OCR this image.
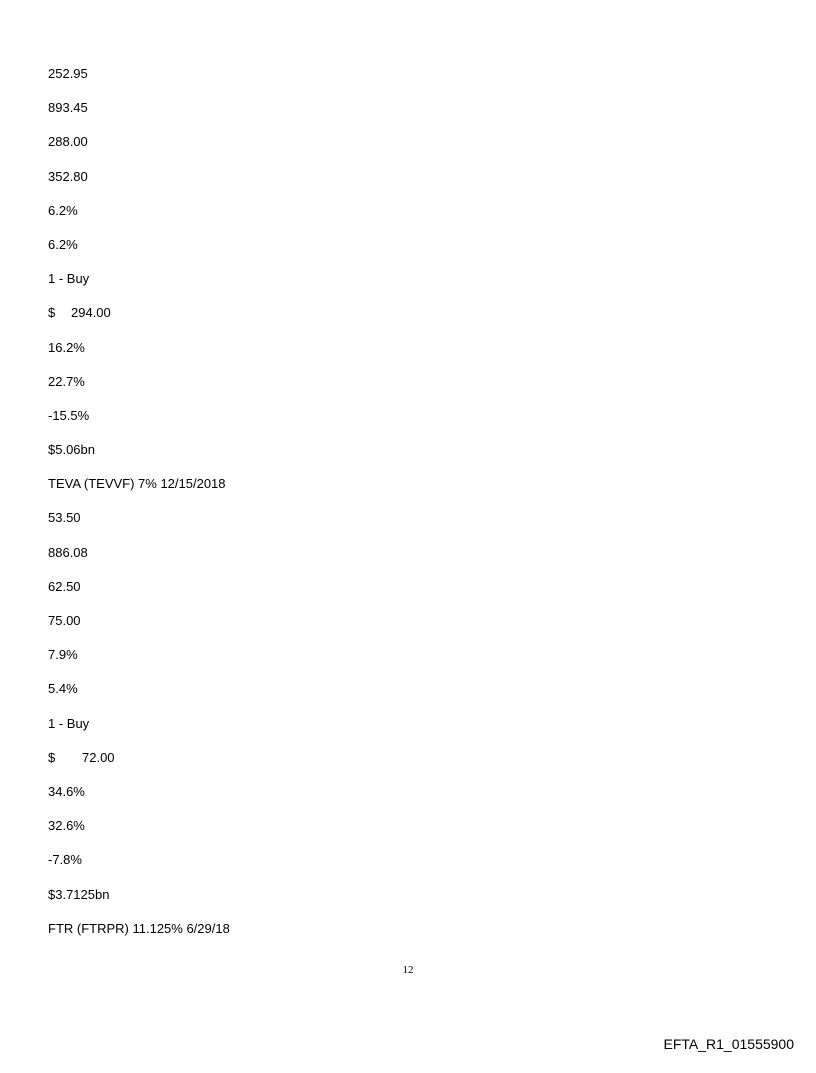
252.95
893.45
288.00
352.80
6.2%
6.2%
1 - Buy
$ 294.00
16.2%
22.7%
-15.5%
$5.06bn
TEVA (TEVVF) 7% 12/15/2018
53.50
886.08
62.50
75.00
7.9%
5.4%
1 - Buy
$ 72.00
34.6%
32.6%
-7.8%
$3.7125bn
FTR (FTRPR) 11.125% 6/29/18
12
EFTA_R1_01555900
